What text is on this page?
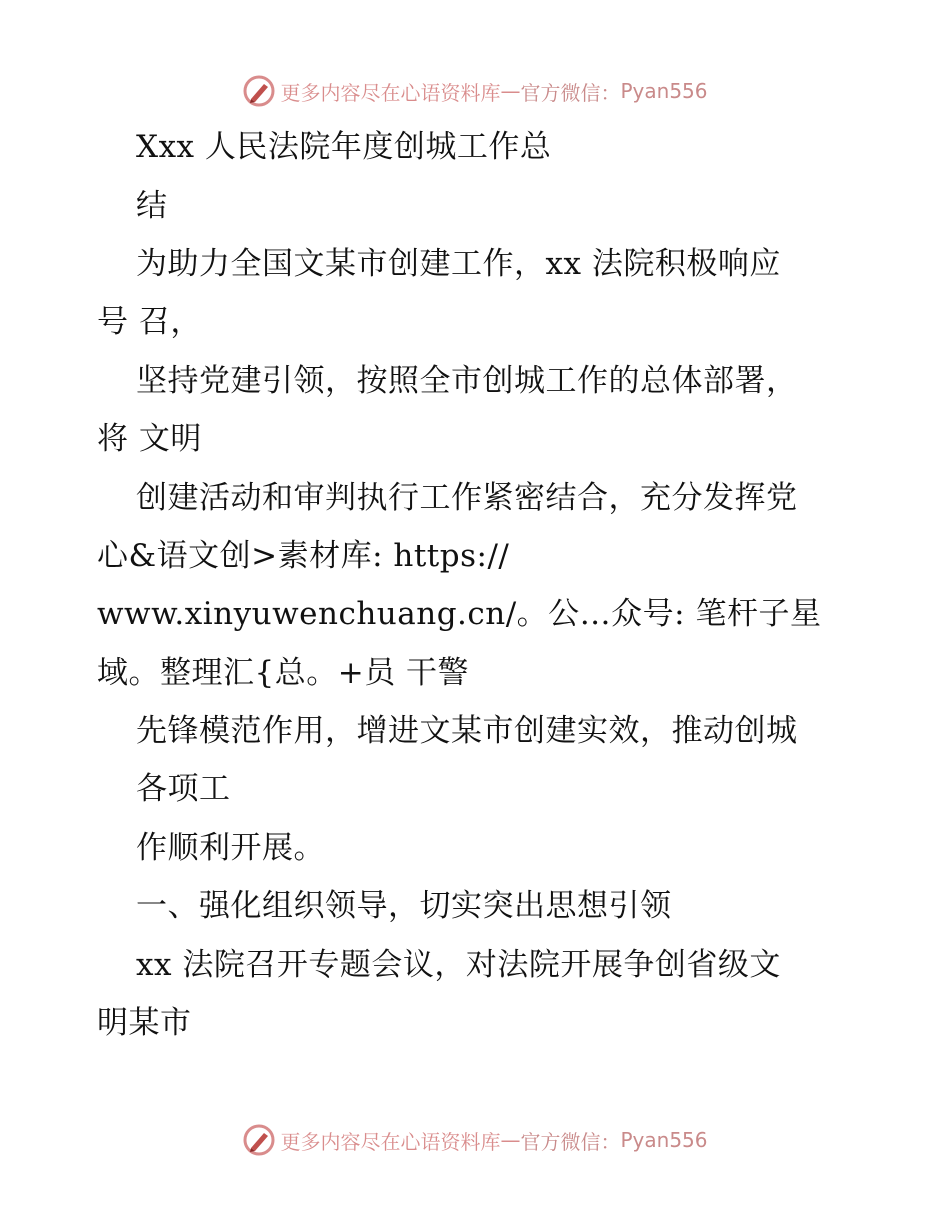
更多内容尽在心语资料库 — 官方微信： Pyan556
Xxx 人民法院年度创城工作总
结
为助力全国文某市创建工作，xx 法院积极响应
号 召，
坚持党建引领，按照全市创城工作的总体部署，
将 文明
创建活动和审判执行工作紧密结合，充分发挥党
心&语文创>素材库: https://
www.xinyuwenchuang.cn/。公…众号: 笔杆子星
域。整理汇{总。+员 干警
先锋模范作用，增进文某市创建实效，推动创城
各项工
作顺利开展。
一、强化组织领导，切实突出思想引领
xx 法院召开专题会议，对法院开展争创省级文
明某市
更多内容尽在心语资料库 — 官方微信： Pyan556
